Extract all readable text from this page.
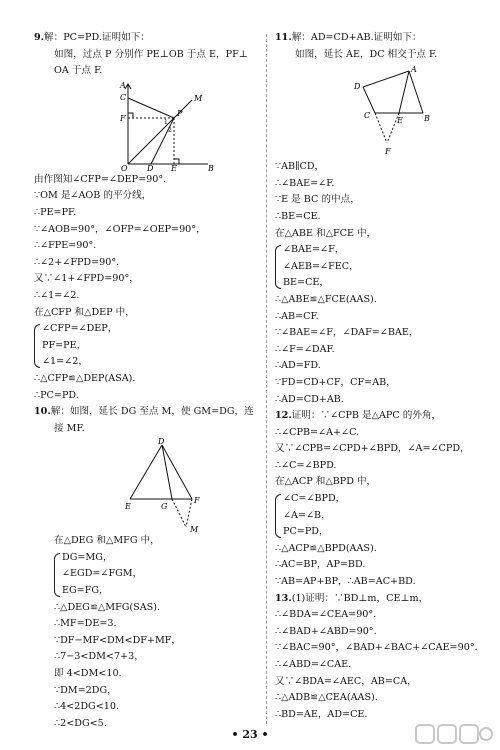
9.解：PC=PD.证明如下：
如图，过点 P 分别作 PE⊥OB 于点 E，PF⊥
OA 于点 F.
A
C
F
P
M
1
2
O D E	B
由作图知∠CFP=∠DEP=90°.
∵OM 是∠AOB 的平分线，
∴PE=PF.
∵∠AOB=90°，∠OFP=∠OEP=90°，
∴∠FPE=90°.
∴∠2+∠FPD=90°.
又∵∠1+∠FPD=90°，
∴∠1=∠2.
在△CFP 和△DEP 中，
∠CFP=∠DEP，
PF=PE，
∠1=∠2，
∴△CFP≌△DEP(ASA).
∴PC=PD.
10.解：如图，延长 DG 至点 M，使 GM=DG，连
接 MF.
D
E	G
F
M
在△DEG 和△MFG 中，
DG=MG，
∠EGD=∠FGM，
EG=FG，
∴△DEG≌△MFG(SAS).
∴MF=DE=3.
∵DF−MF<DM<DF+MF，
∴7−3<DM<7+3，
即 4<DM<10.
∵DM=2DG，
∴4<2DG<10.
∴2<DG<5.
11.解：AD=CD+AB.证明如下：
如图，延长 AE，DC 相交于点 F.
A
D
C
E	B
F
∵AB∥CD，
∴∠BAE=∠F.
∵E 是 BC 的中点，
∴BE=CE.
在△ABE 和△FCE 中，
∠BAE=∠F，
∠AEB=∠FEC，
BE=CE，
∴△ABE≌△FCE(AAS).
∴AB=CF.
∵∠BAE=∠F，∠DAF=∠BAE，
∴∠F=∠DAF.
∴AD=FD.
∵FD=CD+CF，CF=AB，
∴AD=CD+AB.
12.证明：∵∠CPB 是△APC 的外角，
∴∠CPB=∠A+∠C.
又∵∠CPB=∠CPD+∠BPD，∠A=∠CPD，
∴∠C=∠BPD.
在△ACP 和△BPD 中，
∠C=∠BPD，
∠A=∠B，
PC=PD，
∴△ACP≌△BPD(AAS).
∴AC=BP，AP=BD.
∵AB=AP+BP，∴AB=AC+BD.
13.(1)证明：∵BD⊥m，CE⊥m，
∴∠BDA=∠CEA=90°.
∴∠BAD+∠ABD=90°.
∵∠BAC=90°，∠BAD+∠BAC+∠CAE=90°.
∴∠ABD=∠CAE.
又∵∠BDA=∠AEC，AB=CA，
∴△ADB≌△CEA(AAS).
∴BD=AE，AD=CE.
• 23 •
